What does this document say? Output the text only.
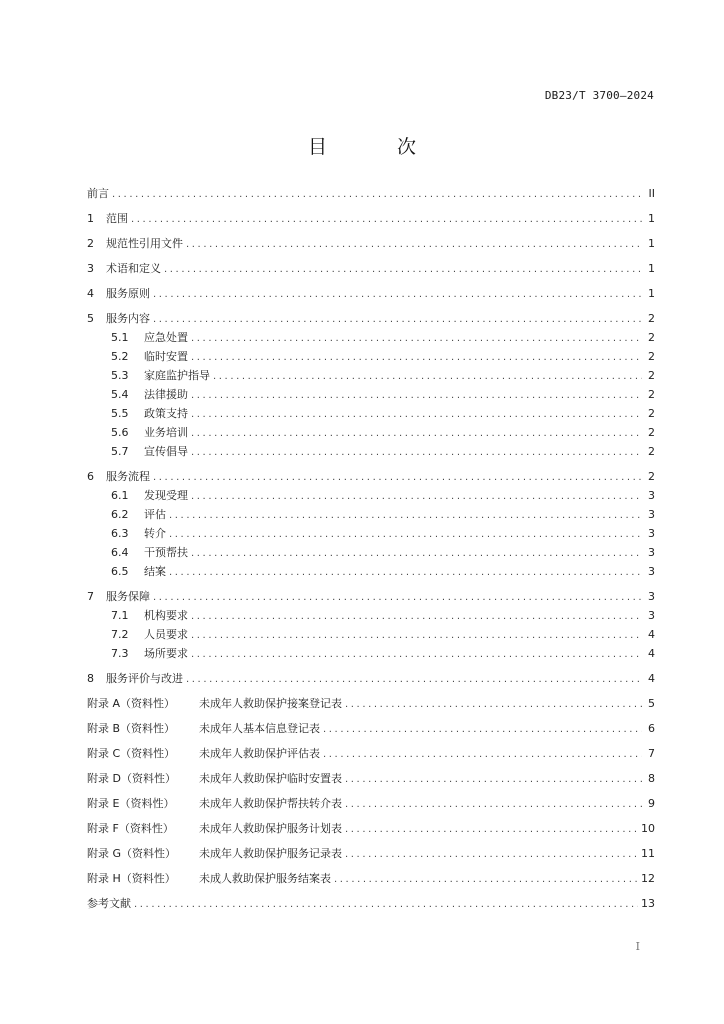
DB23/T 3700—2024
目 次
前言 .....	II
1	范围 .....	1
2	规范性引用文件 .....	1
3	术语和定义 .....	1
4	服务原则 .....	1
5	服务内容 .....	2
5.1	应急处置 .....	2
5.2	临时安置 .....	2
5.3	家庭监护指导 .....	2
5.4	法律援助 .....	2
5.5	政策支持 .....	2
5.6	业务培训 .....	2
5.7	宣传倡导 .....	2
6	服务流程 .....	2
6.1	发现受理 .....	3
6.2	评估 .....	3
6.3	转介 .....	3
6.4	干预帮扶 .....	3
6.5	结案 .....	3
7	服务保障 .....	3
7.1	机构要求 .....	3
7.2	人员要求 .....	4
7.3	场所要求 .....	4
8	服务评价与改进 .....	4
附录 A（资料性）	未成年人救助保护接案登记表 .....	5
附录 B（资料性）	未成年人基本信息登记表 .....	6
附录 C（资料性）	未成年人救助保护评估表 .....	7
附录 D（资料性）	未成年人救助保护临时安置表 .....	8
附录 E（资料性）	未成年人救助保护帮扶转介表 .....	9
附录 F（资料性）	未成年人救助保护服务计划表 .....	10
附录 G（资料性）	未成年人救助保护服务记录表 .....	11
附录 H（资料性）	未成人救助保护服务结案表 .....	12
参考文献 .....	13
I
